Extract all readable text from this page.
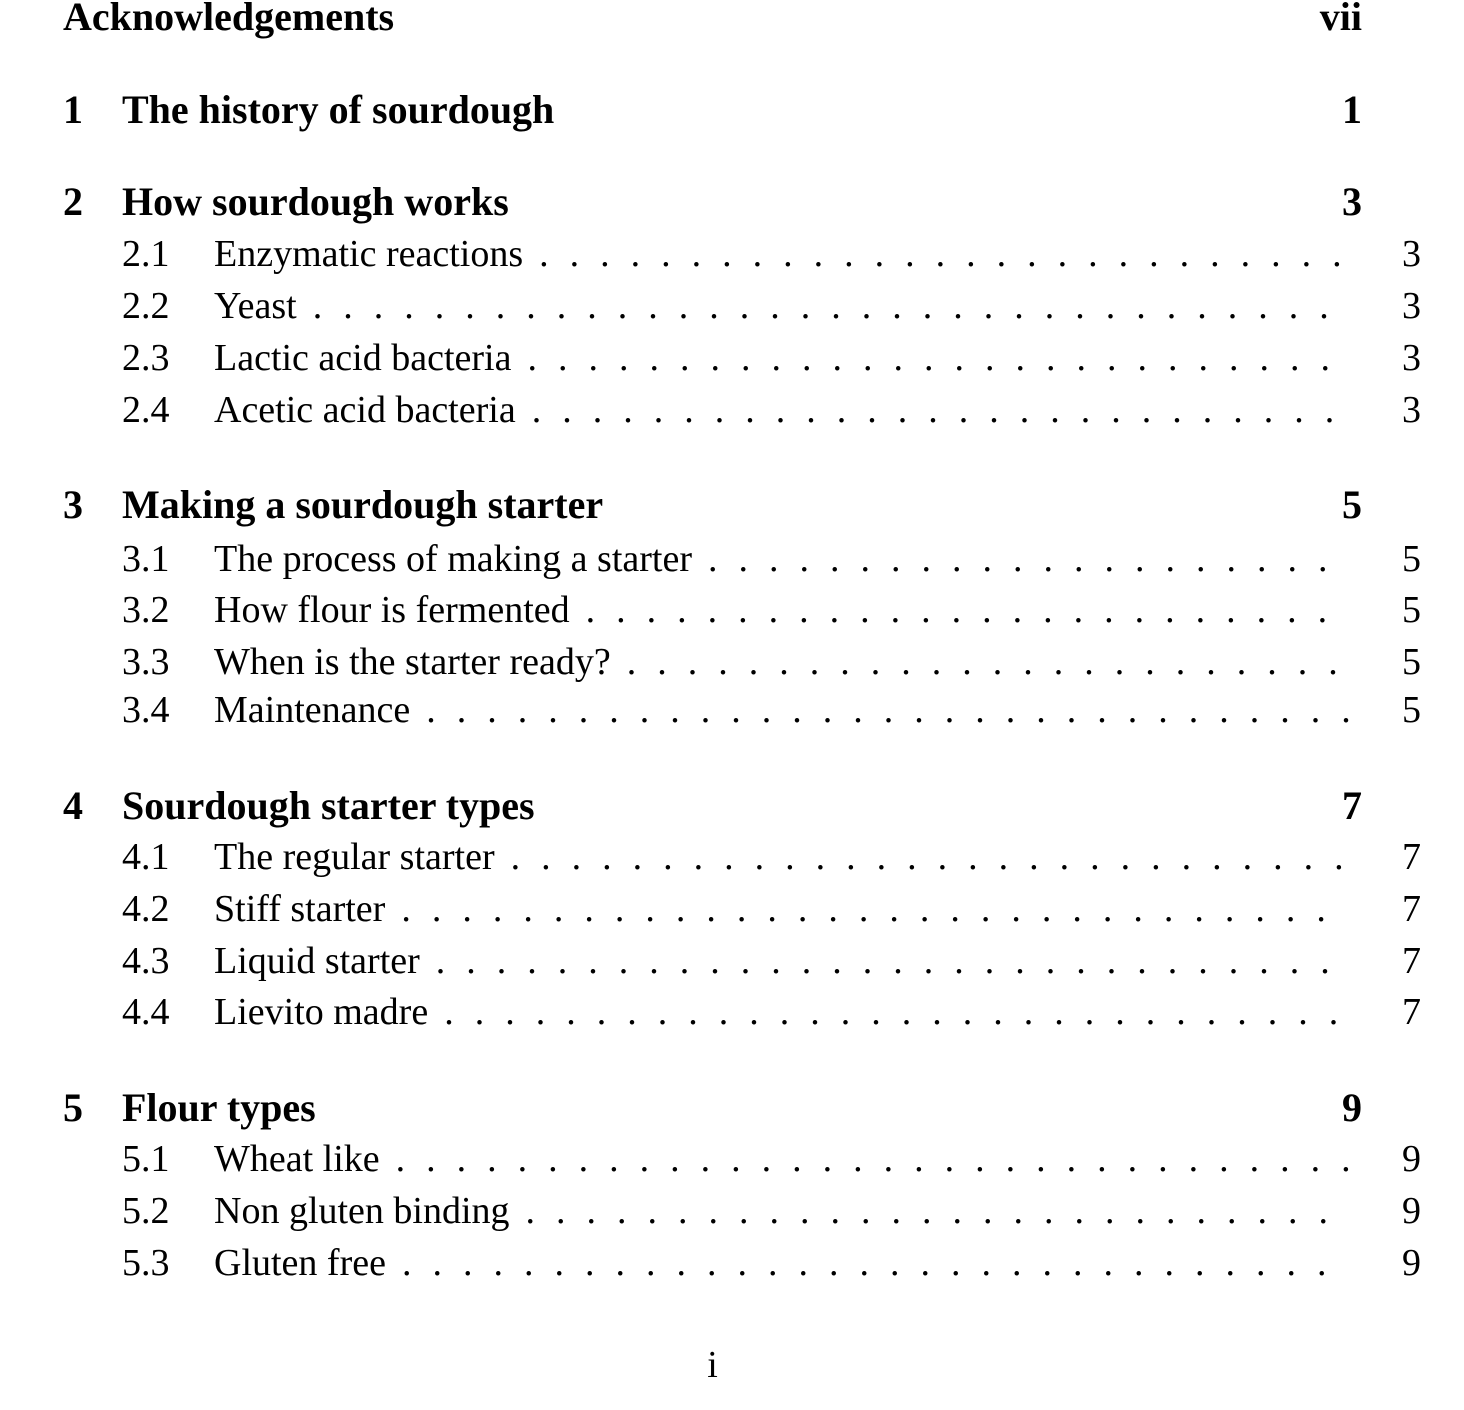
Acknowledgements	vii
1 The history of sourdough	1
2 How sourdough works	3
2.1	Enzymatic reactions .....	3
2.2	Yeast .....	3
2.3	Lactic acid bacteria .....	3
2.4	Acetic acid bacteria .....	3
3 Making a sourdough starter	5
3.1	The process of making a starter .....	5
3.2	How flour is fermented .....	5
3.3	When is the starter ready? .....	5
3.4	Maintenance .....	5
4 Sourdough starter types	7
4.1	The regular starter .....	7
4.2	Stiff starter .....	7
4.3	Liquid starter .....	7
4.4	Lievito madre .....	7
5 Flour types	9
5.1	Wheat like .....	9
5.2	Non gluten binding .....	9
5.3	Gluten free .....	9
i
